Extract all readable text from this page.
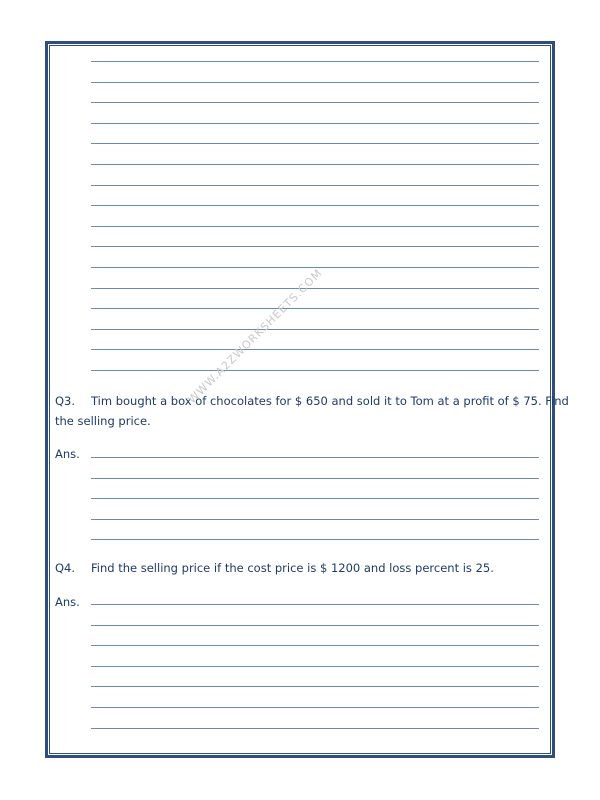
Q3. Tim bought a box of chocolates for $ 650 and sold it to Tom at a profit of $ 75. Find
the selling price.
Ans.
Q4. Find the selling price if the cost price is $ 1200 and loss percent is 25.
Ans.
WWW.A2ZWORKSHEETS.COM
